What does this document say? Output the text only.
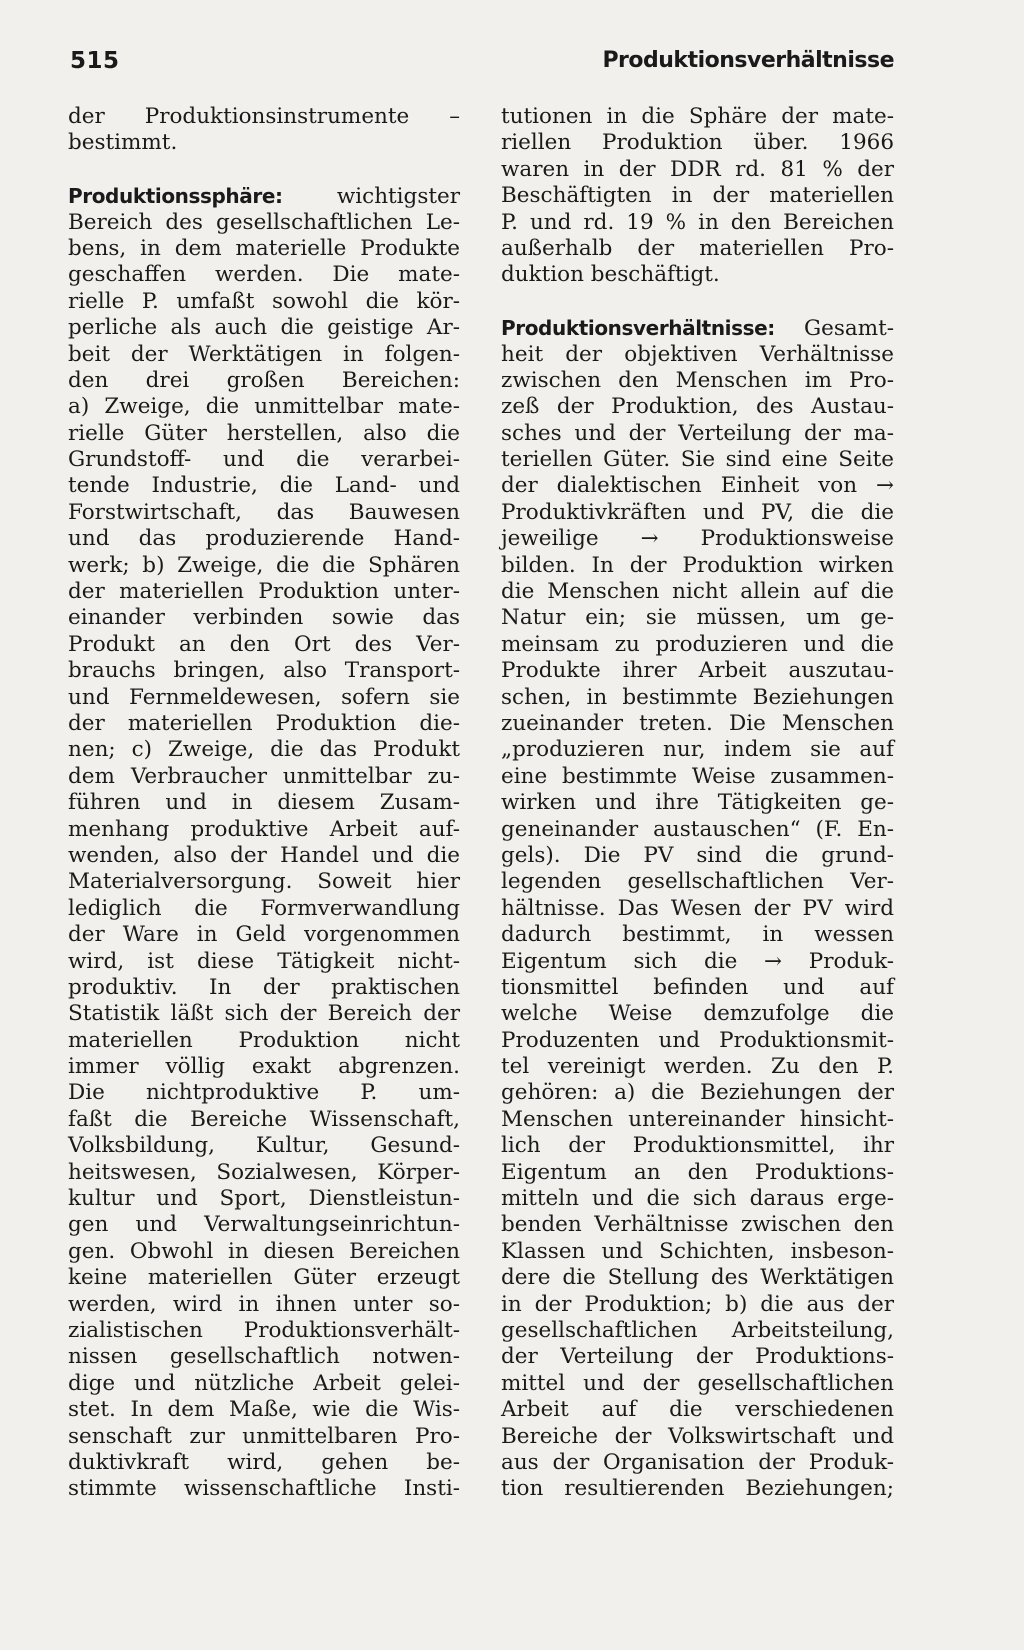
515	Produktionsverhältnisse
der Produktionsinstrumente –
bestimmt.
Produktionssphäre:	wichtigster
Bereich des gesellschaftlichen Le-
bens, in dem materielle Produkte
geschaffen werden. Die mate-
rielle P. umfaßt sowohl die kör-
perliche als auch die geistige Ar-
beit der Werktätigen in folgen-
den drei großen Bereichen:
a) Zweige, die unmittelbar mate-
rielle Güter herstellen, also die
Grundstoff- und die verarbei-
tende Industrie, die Land- und
Forstwirtschaft, das Bauwesen
und das produzierende Hand-
werk; b) Zweige, die die Sphären
der materiellen Produktion unter-
einander verbinden sowie das
Produkt an den Ort des Ver-
brauchs bringen, also Transport-
und Fernmeldewesen, sofern sie
der materiellen Produktion die-
nen; c) Zweige, die das Produkt
dem Verbraucher unmittelbar zu-
führen und in diesem Zusam-
menhang produktive Arbeit auf-
wenden, also der Handel und die
Materialversorgung. Soweit hier
lediglich die Formverwandlung
der Ware in Geld vorgenommen
wird, ist diese Tätigkeit nicht-
produktiv. In der praktischen
Statistik läßt sich der Bereich der
materiellen Produktion nicht
immer völlig exakt abgrenzen.
Die nichtproduktive P. um-
faßt die Bereiche Wissenschaft,
Volksbildung, Kultur, Gesund-
heitswesen, Sozialwesen, Körper-
kultur und Sport, Dienstleistun-
gen und Verwaltungseinrichtun-
gen. Obwohl in diesen Bereichen
keine materiellen Güter erzeugt
werden, wird in ihnen unter so-
zialistischen Produktionsverhält-
nissen gesellschaftlich notwen-
dige und nützliche Arbeit gelei-
stet. In dem Maße, wie die Wis-
senschaft zur unmittelbaren Pro-
duktivkraft wird, gehen be-
stimmte wissenschaftliche Insti-
tutionen in die Sphäre der mate-
riellen Produktion über. 1966
waren in der DDR rd. 81 % der
Beschäftigten in der materiellen
P. und rd. 19 % in den Bereichen
außerhalb der materiellen Pro-
duktion beschäftigt.
Produktionsverhältnisse: Gesamt-
heit der objektiven Verhältnisse
zwischen den Menschen im Pro-
zeß der Produktion, des Austau-
sches und der Verteilung der ma-
teriellen Güter. Sie sind eine Seite
der dialektischen Einheit von →
Produktivkräften und PV, die die
jeweilige → Produktionsweise
bilden. In der Produktion wirken
die Menschen nicht allein auf die
Natur ein; sie müssen, um ge-
meinsam zu produzieren und die
Produkte ihrer Arbeit auszutau-
schen, in bestimmte Beziehungen
zueinander treten. Die Menschen
„produzieren nur, indem sie auf
eine bestimmte Weise zusammen-
wirken und ihre Tätigkeiten ge-
geneinander austauschen“ (F. En-
gels). Die PV sind die grund-
legenden gesellschaftlichen Ver-
hältnisse. Das Wesen der PV wird
dadurch bestimmt, in wessen
Eigentum sich die → Produk-
tionsmittel befinden und auf
welche Weise demzufolge die
Produzenten und Produktionsmit-
tel vereinigt werden. Zu den P.
gehören: a) die Beziehungen der
Menschen untereinander hinsicht-
lich der Produktionsmittel, ihr
Eigentum an den Produktions-
mitteln und die sich daraus erge-
benden Verhältnisse zwischen den
Klassen und Schichten, insbeson-
dere die Stellung des Werktätigen
in der Produktion; b) die aus der
gesellschaftlichen Arbeitsteilung,
der Verteilung der Produktions-
mittel und der gesellschaftlichen
Arbeit auf die verschiedenen
Bereiche der Volkswirtschaft und
aus der Organisation der Produk-
tion resultierenden Beziehungen;
